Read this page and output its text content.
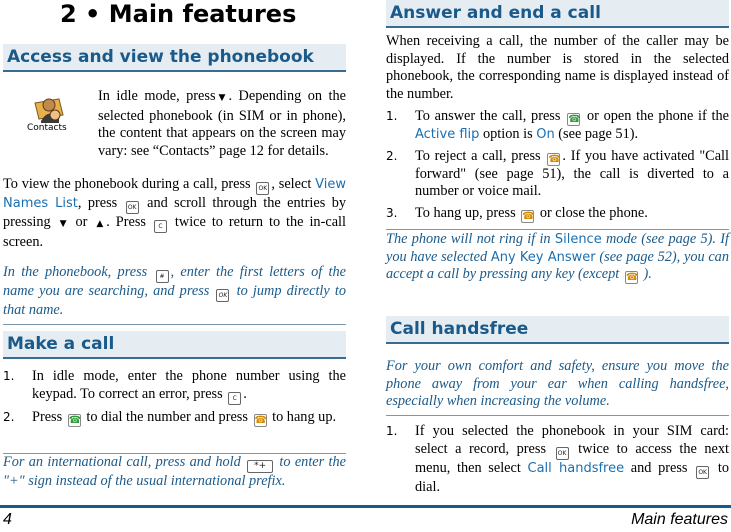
2 • Main features
Access and view the phonebook
Contacts
In idle mode, press ▼ . Depending on the selected phonebook (in SIM or in phone), the content that appears on the screen may vary: see “Contacts” page 12 for details.
To view the phonebook during a call, press OK , select View Names List, press OK and scroll through the entries by pressing ▼ or ▲ . Press C twice to return to the in-call screen.
In the phonebook, press # , enter the first letters of the name you are searching, and press OK to jump directly to that name.
Make a call
1. In idle mode, enter the phone number using the keypad. To correct an error, press C .
2. Press ☎ to dial the number and press ☎ to hang up.
For an international call, press and hold *+ to enter the "+" sign instead of the usual international prefix.
Answer and end a call
When receiving a call, the number of the caller may be displayed. If the number is stored in the selected phonebook, the corresponding name is displayed instead of the number.
1. To answer the call, press ☎ or open the phone if the Active flip option is On (see page 51).
2. To reject a call, press ☎ . If you have activated "Call forward" (see page 51), the call is diverted to a number or voice mail.
3. To hang up, press ☎ or close the phone.
The phone will not ring if in Silence mode (see page 5). If you have selected Any Key Answer (see page 52), you can accept a call by pressing any key (except ☎ ).
Call handsfree
For your own comfort and safety, ensure you move the phone away from your ear when calling handsfree, especially when increasing the volume.
1. If you selected the phonebook in your SIM card: select a record, press OK twice to access the next menu, then select Call handsfree and press OK to dial.
4	Main features
